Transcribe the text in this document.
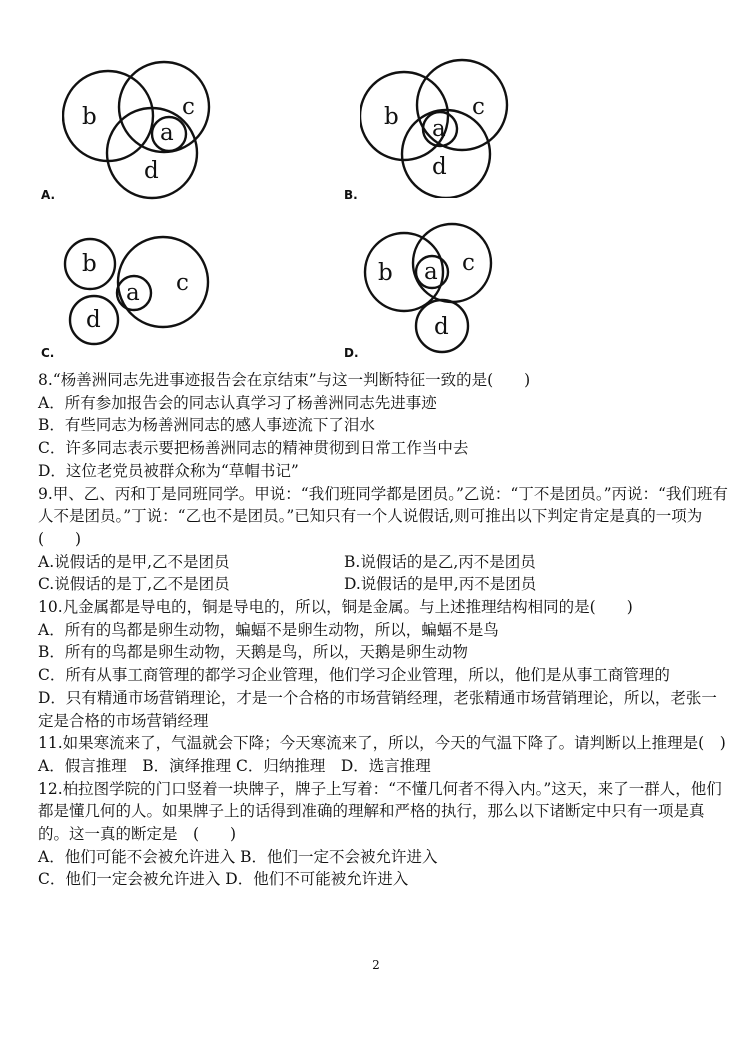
b	c
a
d
A.
b	c
a
d
B.
b
a c
d
C.
b a c
d
D.
8.“杨善洲同志先进事迹报告会在京结束”与这一判断特征一致的是(　　)
A．所有参加报告会的同志认真学习了杨善洲同志先进事迹
B．有些同志为杨善洲同志的感人事迹流下了泪水
C．许多同志表示要把杨善洲同志的精神贯彻到日常工作当中去
D．这位老党员被群众称为“草帽书记”
9.甲、乙、丙和丁是同班同学。甲说：“我们班同学都是团员。”乙说：“丁不是团员。”丙说：“我们班有人不是团员。”丁说：“乙也不是团员。”已知只有一个人说假话,则可推出以下判定肯定是真的一项为(　　)
A.说假话的是甲,乙不是团员	B.说假话的是乙,丙不是团员
C.说假话的是丁,乙不是团员	D.说假话的是甲,丙不是团员
10.凡金属都是导电的，铜是导电的，所以，铜是金属。与上述推理结构相同的是(　　)
A．所有的鸟都是卵生动物，蝙蝠不是卵生动物，所以，蝙蝠不是鸟
B．所有的鸟都是卵生动物，天鹅是鸟，所以，天鹅是卵生动物
C．所有从事工商管理的都学习企业管理，他们学习企业管理，所以，他们是从事工商管理的
D．只有精通市场营销理论，才是一个合格的市场营销经理，老张精通市场营销理论，所以，老张一定是合格的市场营销经理
11.如果寒流来了，气温就会下降；今天寒流来了，所以，今天的气温下降了。请判断以上推理是(　)
A．假言推理　B．演绎推理 C．归纳推理　D．选言推理
12.柏拉图学院的门口竖着一块牌子，牌子上写着：“不懂几何者不得入内。”这天，来了一群人，他们都是懂几何的人。如果牌子上的话得到准确的理解和严格的执行，那么以下诸断定中只有一项是真的。这一真的断定是　(　　)
A．他们可能不会被允许进入 B．他们一定不会被允许进入
C．他们一定会被允许进入 D．他们不可能被允许进入
2
